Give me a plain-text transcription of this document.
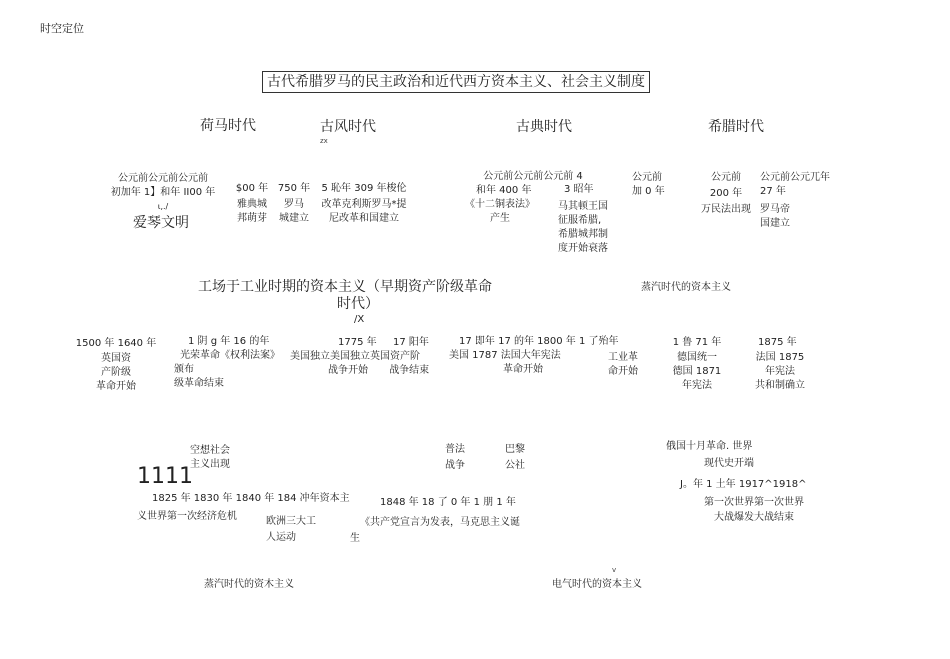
时空定位
古代希腊罗马的民主政治和近代西方资本主义、社会主义制度
荷马时代	古风时代
zx
古典时代	希腊时代
公元前公元前公元前
初加年 1】和年 II00 年
ι,./
爱琴文明
$00 年
雅典城
邦萌芽
750 年
罗马
城建立
5 恥年 309 年梭伦
改革克利斯罗马*提
尼改革和国建立
公元前公元前公元前 4
和年 400 年
《十二铜表法》
产生
3 昭年
马其顿王国
征服希腊,
希腊城邦制
度开始衰落
公元前
加 0 年
公元前
200 年
万民法出现
公元前公元兀年
27 年
罗马帝
国建立
工场于工业时期的资本主义（早期资产阶级革命
时代）
/X
蒸汽时代的资本主义
1500 年 1640 年
英国资
产阶级
革命开始
1 阴 g 年 16 的年
光荣革命《权利法案》
颁布
级革命结束
1775 年
美国独立美国独立英国资产阶
战争开始 战争结束
17 阳年	17 即年 17 的年 1800 年 1 了殆年
美国 1787 法国大年宪法
革命开始
工业革
命开始
1 鲁 71 年
德国统一
德国 1871
年宪法
1875 年
法国 1875
年宪法
共和制确立
空想社会
主义出现
1111
1825 年 1830 年 1840 年 184 冲年资本主
义世界第一次经济危机	欧洲三大工
人运动
普法
战争
巴黎
公社
1848 年 18 了 0 年 1 朋 1 年
《共产党宣言为发表，马克思主义诞
生
俄国十月革命. 世界
现代史开端
J。年 1 土年 1917^1918^
第一次世界第一次世界
大战爆发大战结束
蒸汽时代的资木主义
v
电气时代的资本主义
